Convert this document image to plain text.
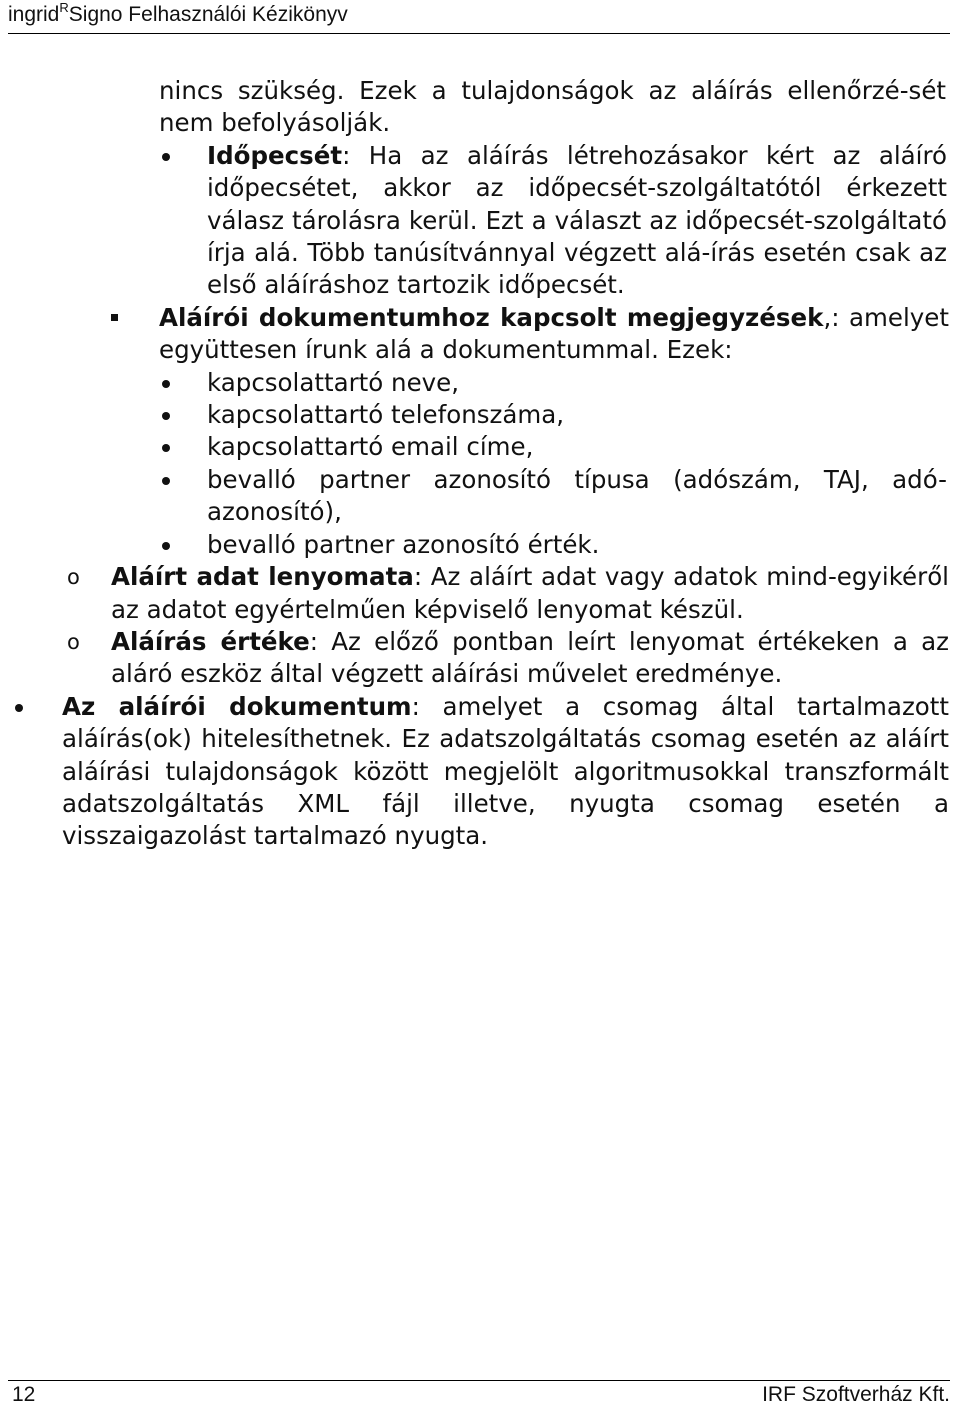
ingrid$^R$Signo Felhasználói Kézikönyv

nincs szükség. Ezek a tulajdonságok az aláírás ellenőrzé-sét nem befolyásolják.

Időpecsét: Ha az aláírás létrehozásakor kért az aláíró időpecsétet, akkor az időpecsét-szolgáltatótól érkezett válasz tárolásra kerül. Ezt a választ az időpecsét-szolgáltató írja alá. Több tanúsítvánnyal végzett alá-írás esetén csak az első aláíráshoz tartozik időpecsét.

Aláírói dokumentumhoz kapcsolt megjegyzések,: amelyet együttesen írunk alá a dokumentummal. Ezek:

kapcsolattartó neve,

kapcsolattartó telefonszáma,

kapcsolattartó email címe,

bevalló partner azonosító típusa (adószám, TAJ, adó-azonosító),

bevalló partner azonosító érték.

o Aláírt adat lenyomata: Az aláírt adat vagy adatok mind-egyikéről az adatot egyértelműen képviselő lenyomat készül.

o Aláírás értéke: Az előző pontban leírt lenyomat értékeken a az aláró eszköz által végzett aláírási művelet eredménye.

Az aláírói dokumentum: amelyet a csomag által tartalmazott aláírás(ok) hitelesíthetnek. Ez adatszolgáltatás csomag esetén az aláírt aláírási tulajdonságok között megjelölt algoritmusokkal transzformált adatszolgáltatás XML fájl illetve, nyugta csomag esetén a visszaigazolást tartalmazó nyugta.

12	IRF Szoftverház Kft.
